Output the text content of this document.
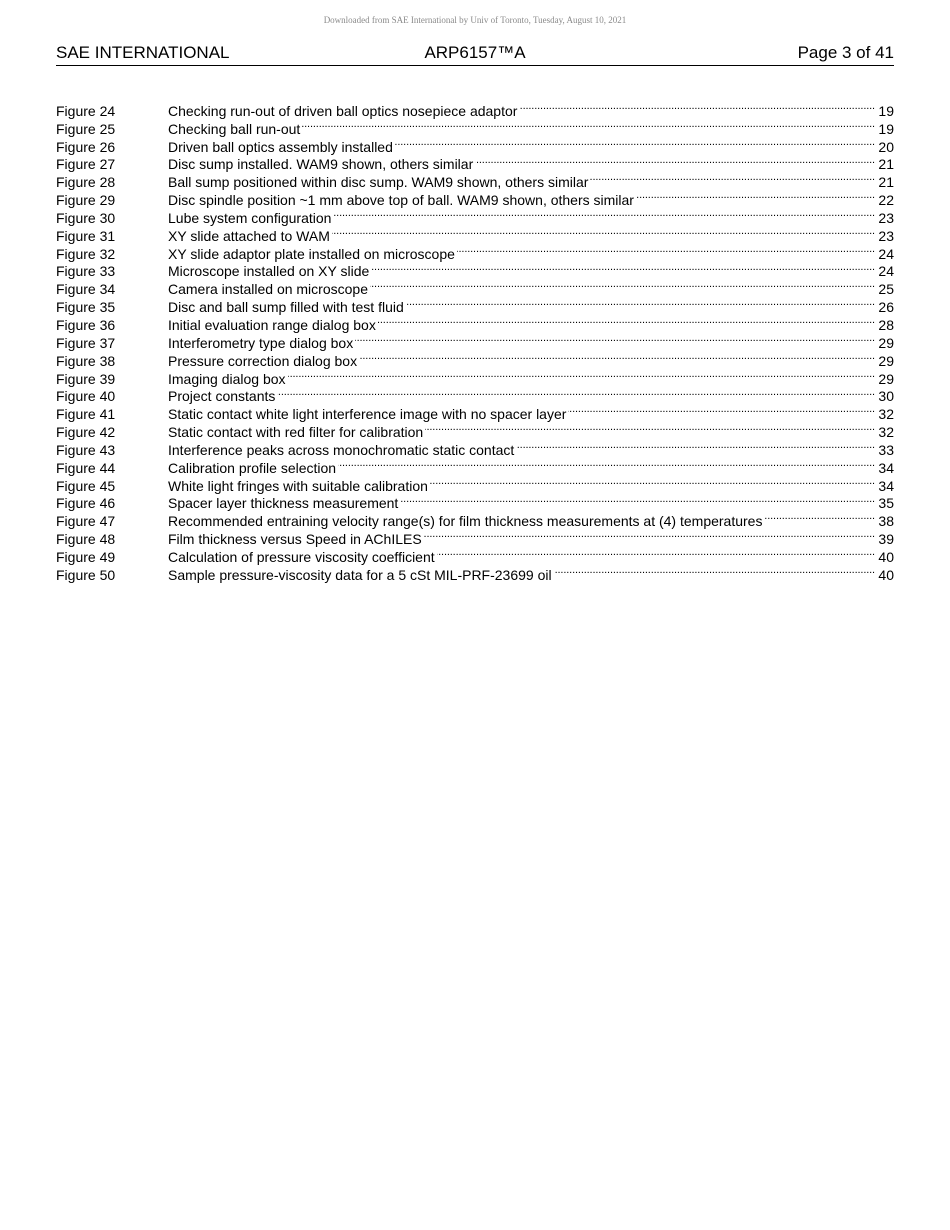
Downloaded from SAE International by Univ of Toronto, Tuesday, August 10, 2021
SAE INTERNATIONAL	ARP6157™A	Page 3 of 41
Figure 24	Checking run-out of driven ball optics nosepiece adaptor . . .	19
Figure 25	Checking ball run-out . . .	19
Figure 26	Driven ball optics assembly installed . . .	20
Figure 27	Disc sump installed. WAM9 shown, others similar . . .	21
Figure 28	Ball sump positioned within disc sump. WAM9 shown, others similar . . .	21
Figure 29	Disc spindle position ~1 mm above top of ball. WAM9 shown, others similar . . .	22
Figure 30	Lube system configuration . . .	23
Figure 31	XY slide attached to WAM . . .	23
Figure 32	XY slide adaptor plate installed on microscope . . .	24
Figure 33	Microscope installed on XY slide . . .	24
Figure 34	Camera installed on microscope . . .	25
Figure 35	Disc and ball sump filled with test fluid . . .	26
Figure 36	Initial evaluation range dialog box . . .	28
Figure 37	Interferometry type dialog box . . .	29
Figure 38	Pressure correction dialog box . . .	29
Figure 39	Imaging dialog box . . .	29
Figure 40	Project constants . . .	30
Figure 41	Static contact white light interference image with no spacer layer . . .	32
Figure 42	Static contact with red filter for calibration . . .	32
Figure 43	Interference peaks across monochromatic static contact . . .	33
Figure 44	Calibration profile selection . . .	34
Figure 45	White light fringes with suitable calibration . . .	34
Figure 46	Spacer layer thickness measurement . . .	35
Figure 47	Recommended entraining velocity range(s) for film thickness measurements at (4) temperatures . . .	38
Figure 48	Film thickness versus Speed in AChILES . . .	39
Figure 49	Calculation of pressure viscosity coefficient . . .	40
Figure 50	Sample pressure-viscosity data for a 5 cSt MIL-PRF-23699 oil . . .	40
